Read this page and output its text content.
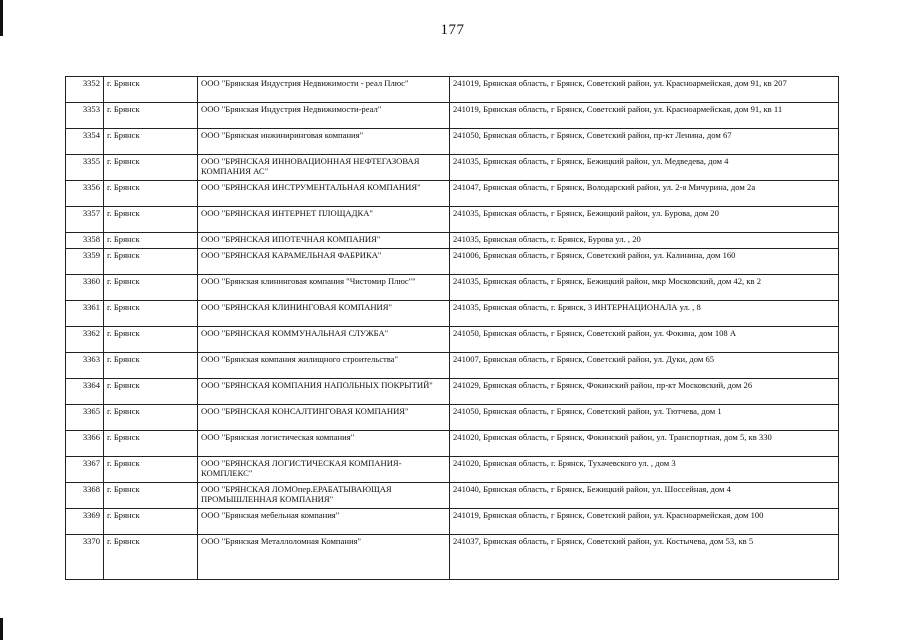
177
3352	г. Брянск	ООО "Брянская Индустрия Недвижимости - реал Плюс"	241019, Брянская область, г Брянск, Советский район, ул. Красноармейская, дом 91, кв 207
3353	г. Брянск	ООО "Брянская Индустрия Недвижимости-реал"	241019, Брянская область, г Брянск, Советский район, ул. Красноармейская, дом 91, кв 11
3354	г. Брянск	ООО "Брянская инжиниринговая компания"	241050, Брянская область, г Брянск, Советский район, пр-кт Ленина, дом 67
3355	г. Брянск	ООО "БРЯНСКАЯ ИННОВАЦИОННАЯ НЕФТЕГАЗОВАЯ КОМПАНИЯ АС"	241035, Брянская область, г Брянск, Бежицкий район, ул. Медведева, дом 4
3356	г. Брянск	ООО "БРЯНСКАЯ ИНСТРУМЕНТАЛЬНАЯ КОМПАНИЯ"	241047, Брянская область, г Брянск, Володарский район, ул. 2-я Мичурина, дом 2а
3357	г. Брянск	ООО "БРЯНСКАЯ ИНТЕРНЕТ ПЛОЩАДКА"	241035, Брянская область, г Брянск, Бежицкий район, ул. Бурова, дом 20
3358	г. Брянск	ООО "БРЯНСКАЯ ИПОТЕЧНАЯ КОМПАНИЯ"	241035, Брянская область, г. Брянск, Бурова ул. , 20
3359	г. Брянск	ООО "БРЯНСКАЯ КАРАМЕЛЬНАЯ ФАБРИКА"	241006, Брянская область, г Брянск, Советский район, ул. Калинина, дом 160
3360	г. Брянск	ООО "Брянская клининговая компания "Чистомир Плюс""	241035, Брянская область, г Брянск, Бежицкий район, мкр Московский, дом 42, кв 2
3361	г. Брянск	ООО "БРЯНСКАЯ КЛИНИНГОВАЯ КОМПАНИЯ"	241035, Брянская область, г. Брянск, 3 ИНТЕРНАЦИОНАЛА ул. , 8
3362	г. Брянск	ООО "БРЯНСКАЯ КОММУНАЛЬНАЯ СЛУЖБА"	241050, Брянская область, г Брянск, Советский район, ул. Фокина, дом 108 А
3363	г. Брянск	ООО "Брянская компания жилищного строительства"	241007, Брянская область, г Брянск, Советский район, ул. Дуки, дом 65
3364	г. Брянск	ООО "БРЯНСКАЯ КОМПАНИЯ НАПОЛЬНЫХ ПОКРЫТИЙ"	241029, Брянская область, г Брянск, Фокинский район, пр-кт Московский, дом 26
3365	г. Брянск	ООО "БРЯНСКАЯ КОНСАЛТИНГОВАЯ КОМПАНИЯ"	241050, Брянская область, г Брянск, Советский район, ул. Тютчева, дом 1
3366	г. Брянск	ООО "Брянская логистическая компания"	241020, Брянская область, г Брянск, Фокинский район, ул. Транспортная, дом 5, кв 330
3367	г. Брянск	ООО "БРЯНСКАЯ ЛОГИСТИЧЕСКАЯ КОМПАНИЯ-КОМПЛЕКС"	241020, Брянская область, г. Брянск, Тухачевского ул. , дом 3
3368	г. Брянск	ООО "БРЯНСКАЯ ЛОМОпер.ЕРАБАТЫВАЮЩАЯ ПРОМЫШЛЕННАЯ КОМПАНИЯ"	241040, Брянская область, г Брянск, Бежицкий район, ул. Шоссейная, дом 4
3369	г. Брянск	ООО "Брянская мебельная компания"	241019, Брянская область, г Брянск, Советский район, ул. Красноармейская, дом 100
3370	г. Брянск	ООО "Брянская Металлоломная Компания"	241037, Брянская область, г Брянск, Советский район, ул. Костычева, дом 53, кв 5
